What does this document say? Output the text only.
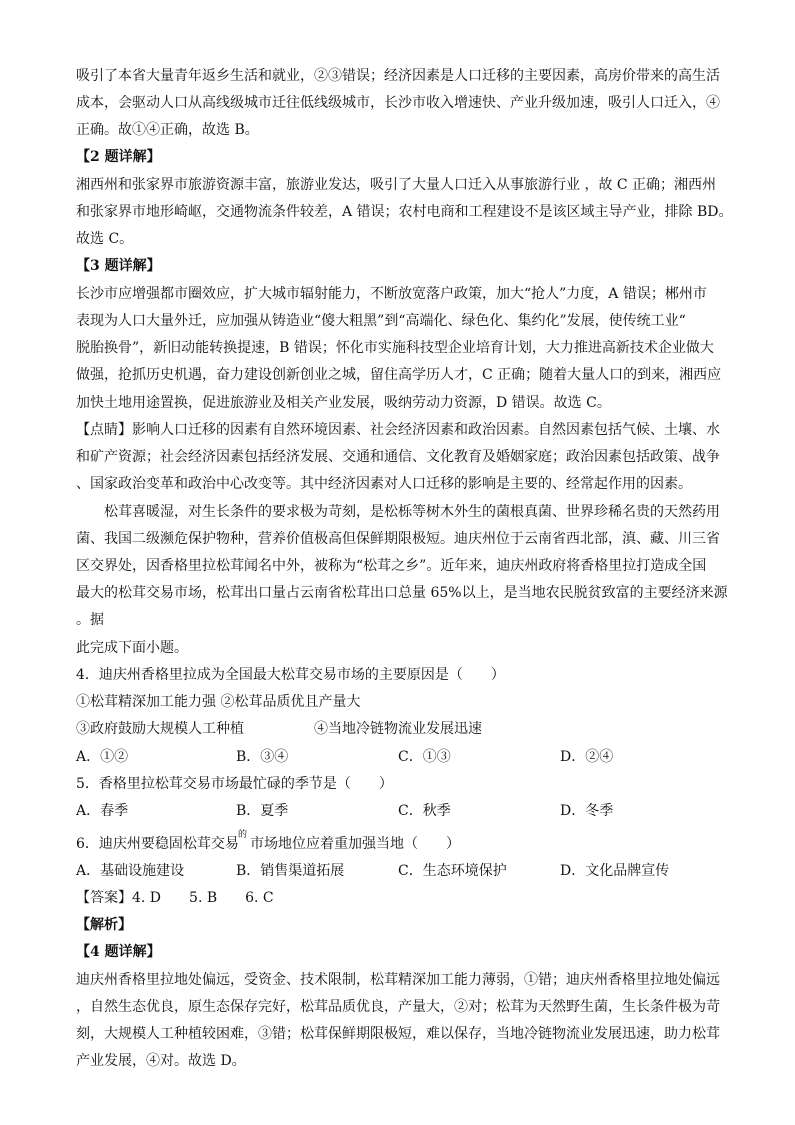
吸引了本省大量青年返乡生活和就业，②③错误；经济因素是人口迁移的主要因素，高房价带来的高生活
成本，会驱动人口从高线级城市迁往低线级城市，长沙市收入增速快、产业升级加速，吸引人口迁入，④
正确。故①④正确，故选 B。
【2 题详解】
湘西州和张家界市旅游资源丰富，旅游业发达，吸引了大量人口迁入从事旅游行业 ，故 C 正确；湘西州
和张家界市地形崎岖，交通物流条件较差，A 错误；农村电商和工程建设不是该区域主导产业，排除 BD。
故选 C。
【3 题详解】
长沙市应增强都市圈效应，扩大城市辐射能力，不断放宽落户政策，加大“抢人”力度，A 错误；郴州市
表现为人口大量外迁，应加强从铸造业“傻大粗黑”到“高端化、绿色化、集约化”发展，使传统工业“
脱胎换骨”，新旧动能转换提速，B 错误；怀化市实施科技型企业培育计划，大力推进高新技术企业做大
做强，抢抓历史机遇，奋力建设创新创业之城，留住高学历人才，C 正确；随着大量人口的到来，湘西应
加快土地用途置换，促进旅游业及相关产业发展，吸纳劳动力资源，D 错误。故选 C。
【点睛】影响人口迁移的因素有自然环境因素、社会经济因素和政治因素。自然因素包括气候、土壤、水
和矿产资源；社会经济因素包括经济发展、交通和通信、文化教育及婚姻家庭；政治因素包括政策、战争
、国家政治变革和政治中心改变等。其中经济因素对人口迁移的影响是主要的、经常起作用的因素。
松茸喜暖湿，对生长条件的要求极为苛刻，是松栎等树木外生的菌根真菌、世界珍稀名贵的天然药用
菌、我国二级濒危保护物种，营养价值极高但保鲜期限极短。迪庆州位于云南省西北部，滇、藏、川三省
区交界处，因香格里拉松茸闻名中外，被称为“松茸之乡”。近年来，迪庆州政府将香格里拉打造成全国
最大的松茸交易市场，松茸出口量占云南省松茸出口总量 65%以上，是当地农民脱贫致富的主要经济来源
。据
此完成下面小题。
4．迪庆州香格里拉成为全国最大松茸交易市场的主要原因是（　　）
①松茸精深加工能力强 ②松茸品质优且产量大
③政府鼓励大规模人工种植	④当地冷链物流业发展迅速
A．①②	B．③④	C．①③	D．②④
5．香格里拉松茸交易市场最忙碌的季节是（　　）
A．春季	B．夏季	C．秋季	D．冬季
6．迪庆州要稳固松茸交易
的
市场地位应着重加强当地（　　）
A．基础设施建设	B．销售渠道拓展	C．生态环境保护	D．文化品牌宣传
【答案】4. D　　5. B　　6. C
【解析】
【4 题详解】
迪庆州香格里拉地处偏远，受资金、技术限制，松茸精深加工能力薄弱，①错；迪庆州香格里拉地处偏远
，自然生态优良，原生态保存完好，松茸品质优良，产量大，②对；松茸为天然野生菌，生长条件极为苛
刻，大规模人工种植较困难，③错；松茸保鲜期限极短，难以保存，当地冷链物流业发展迅速，助力松茸
产业发展，④对。故选 D。
